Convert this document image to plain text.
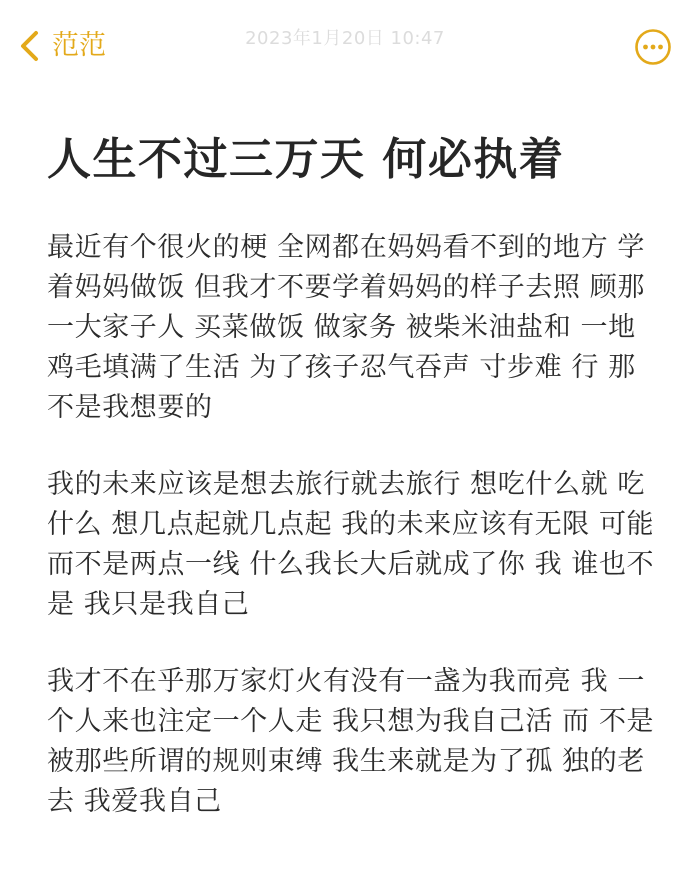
范范	2023年1月20日 10:47
人生不过三万天 何必执着

最近有个很火的梗 全网都在妈妈看不到的地方 学着妈妈做饭 但我才不要学着妈妈的样子去照 顾那一大家子人 买菜做饭 做家务 被柴米油盐和 一地鸡毛填满了生活 为了孩子忍气吞声 寸步难 行 那不是我想要的

我的未来应该是想去旅行就去旅行 想吃什么就 吃什么 想几点起就几点起 我的未来应该有无限 可能 而不是两点一线 什么我长大后就成了你 我 谁也不是 我只是我自己

我才不在乎那万家灯火有没有一盏为我而亮 我 一个人来也注定一个人走 我只想为我自己活 而 不是被那些所谓的规则束缚 我生来就是为了孤 独的老去 我爱我自己
